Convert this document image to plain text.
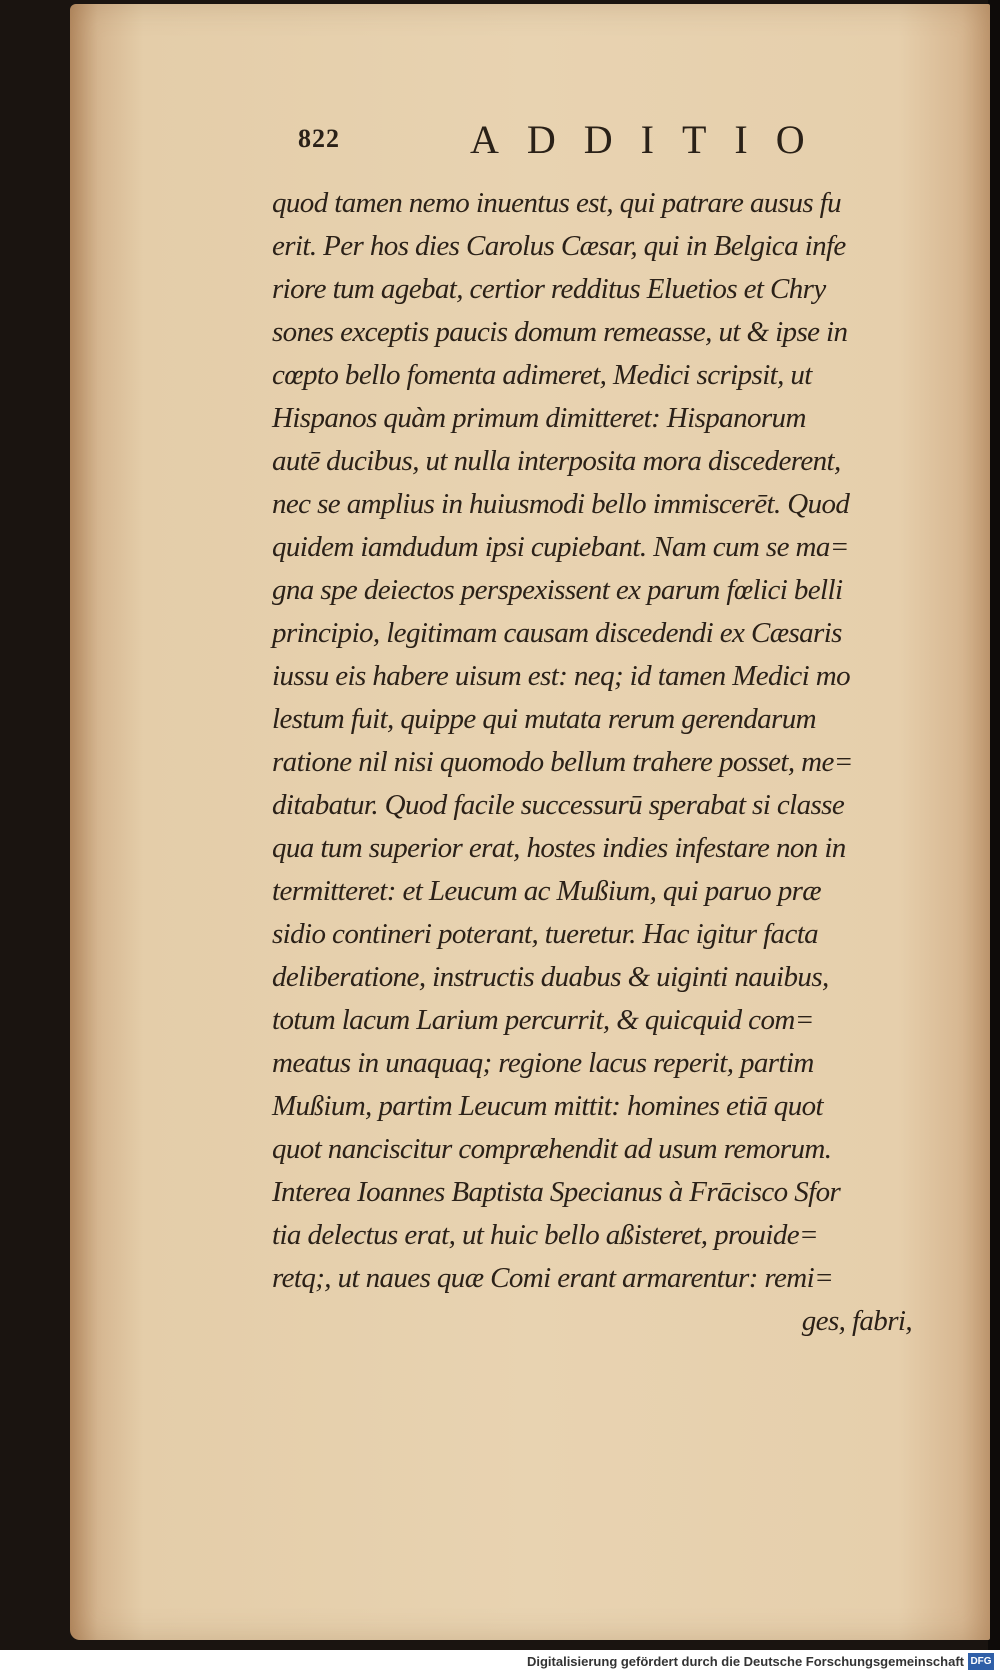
822	ADDITIO
quod tamen nemo inuentus est, qui patrare ausus fu
erit. Per hos dies Carolus Cæsar, qui in Belgica infe
riore tum agebat, certior redditus Eluetios et Chry
sones exceptis paucis domum remeasse, ut & ipse in
cœpto bello fomenta adimeret, Medici scripsit, ut
Hispanos quàm primum dimitteret: Hispanorum
autē ducibus, ut nulla interposita mora discederent,
nec se amplius in huiusmodi bello immiscerēt. Quod
quidem iamdudum ipsi cupiebant. Nam cum se ma=
gna spe deiectos perspexissent ex parum fœlici belli
principio, legitimam causam discedendi ex Cæsaris
iussu eis habere uisum est: neq; id tamen Medici mo
lestum fuit, quippe qui mutata rerum gerendarum
ratione nil nisi quomodo bellum trahere posset, me=
ditabatur. Quod facile successurū sperabat si classe
qua tum superior erat, hostes indies infestare non in
termitteret: et Leucum ac Mußium, qui paruo præ
sidio contineri poterant, tueretur. Hac igitur facta
deliberatione, instructis duabus & uiginti nauibus,
totum lacum Larium percurrit, & quicquid com=
meatus in unaquaq; regione lacus reperit, partim
Mußium, partim Leucum mittit: homines etiā quot
quot nanciscitur compræhendit ad usum remorum.
Interea Ioannes Baptista Specianus à Frācisco Sfor
tia delectus erat, ut huic bello aßisteret, prouide=
retq;, ut naues quæ Comi erant armarentur: remi=
ges, fabri,
Digitalisierung gefördert durch die Deutsche Forschungsgemeinschaft DFG
